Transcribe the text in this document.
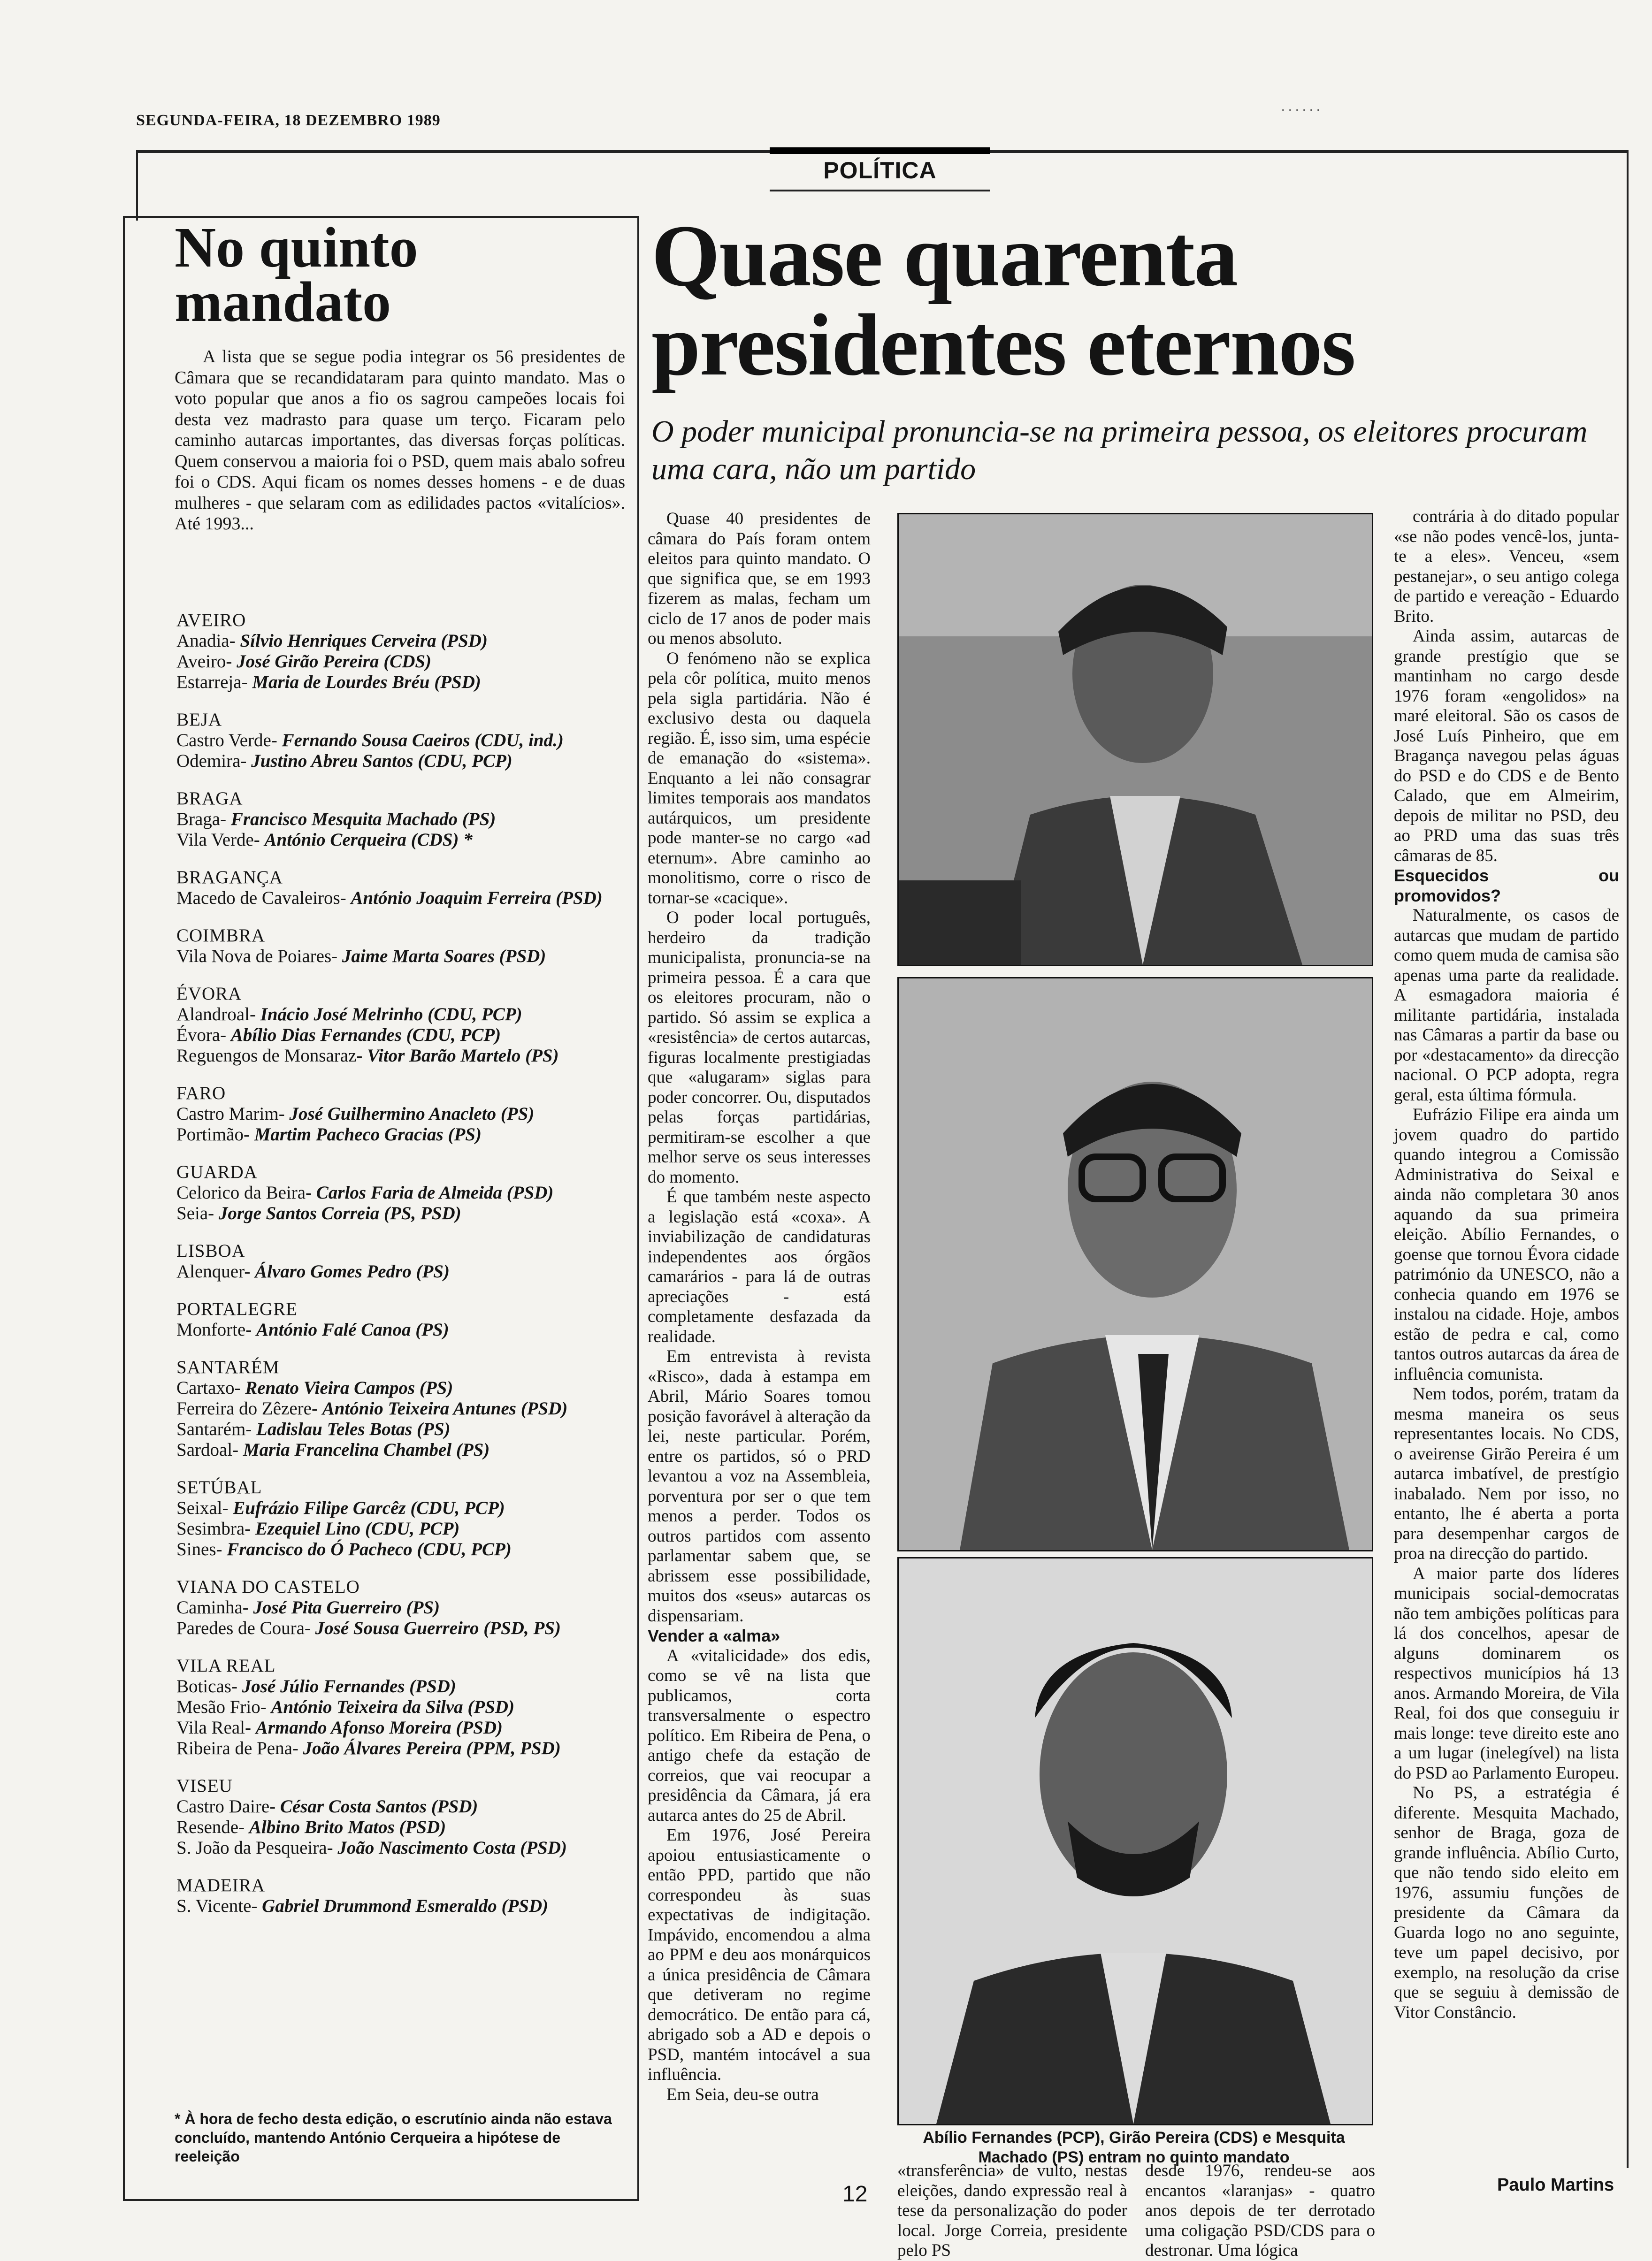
SEGUNDA-FEIRA, 18 DEZEMBRO 1989
. . . . . .
POLÍTICA
No quinto mandato
A lista que se segue podia integrar os 56 presidentes de Câmara que se recandidataram para quinto mandato. Mas o voto popular que anos a fio os sagrou campeões locais foi desta vez madrasto para quase um terço. Ficaram pelo caminho autarcas importantes, das diversas forças políticas. Quem conservou a maioria foi o PSD, quem mais abalo sofreu foi o CDS. Aqui ficam os nomes desses homens - e de duas mulheres - que selaram com as edilidades pactos «vitalícios». Até 1993...
AVEIRO
Anadia- Sílvio Henriques Cerveira (PSD)
Aveiro- José Girão Pereira (CDS)
Estarreja- Maria de Lourdes Bréu (PSD)
BEJA
Castro Verde- Fernando Sousa Caeiros (CDU, ind.)
Odemira- Justino Abreu Santos (CDU, PCP)
BRAGA
Braga- Francisco Mesquita Machado (PS)
Vila Verde- António Cerqueira (CDS) *
BRAGANÇA
Macedo de Cavaleiros- António Joaquim Ferreira (PSD)
COIMBRA
Vila Nova de Poiares- Jaime Marta Soares (PSD)
ÉVORA
Alandroal- Inácio José Melrinho (CDU, PCP)
Évora- Abílio Dias Fernandes (CDU, PCP)
Reguengos de Monsaraz- Vitor Barão Martelo (PS)
FARO
Castro Marim- José Guilhermino Anacleto (PS)
Portimão- Martim Pacheco Gracias (PS)
GUARDA
Celorico da Beira- Carlos Faria de Almeida (PSD)
Seia- Jorge Santos Correia (PS, PSD)
LISBOA
Alenquer- Álvaro Gomes Pedro (PS)
PORTALEGRE
Monforte- António Falé Canoa (PS)
SANTARÉM
Cartaxo- Renato Vieira Campos (PS)
Ferreira do Zêzere- António Teixeira Antunes (PSD)
Santarém- Ladislau Teles Botas (PS)
Sardoal- Maria Francelina Chambel (PS)
SETÚBAL
Seixal- Eufrázio Filipe Garcêz (CDU, PCP)
Sesimbra- Ezequiel Lino (CDU, PCP)
Sines- Francisco do Ó Pacheco (CDU, PCP)
VIANA DO CASTELO
Caminha- José Pita Guerreiro (PS)
Paredes de Coura- José Sousa Guerreiro (PSD, PS)
VILA REAL
Boticas- José Júlio Fernandes (PSD)
Mesão Frio- António Teixeira da Silva (PSD)
Vila Real- Armando Afonso Moreira (PSD)
Ribeira de Pena- João Álvares Pereira (PPM, PSD)
VISEU
Castro Daire- César Costa Santos (PSD)
Resende- Albino Brito Matos (PSD)
S. João da Pesqueira- João Nascimento Costa (PSD)
MADEIRA
S. Vicente- Gabriel Drummond Esmeraldo (PSD)
* À hora de fecho desta edição, o escrutínio ainda não estava concluído, mantendo António Cerqueira a hipótese de reeleição
Quase quarenta presidentes eternos
O poder municipal pronuncia-se na primeira pessoa, os eleitores procuram uma cara, não um partido

Quase 40 presidentes de câmara do País foram ontem eleitos para quinto mandato. O que significa que, se em 1993 fizerem as malas, fecham um ciclo de 17 anos de poder mais ou menos absoluto.

O fenómeno não se explica pela côr política, muito menos pela sigla partidária. Não é exclusivo desta ou daquela região. É, isso sim, uma espécie de emanação do «sistema». Enquanto a lei não consagrar limites temporais aos mandatos autárquicos, um presidente pode manter-se no cargo «ad eternum». Abre caminho ao monolitismo, corre o risco de tornar-se «cacique».

O poder local português, herdeiro da tradição municipalista, pronuncia-se na primeira pessoa. É a cara que os eleitores procuram, não o partido. Só assim se explica a «resistência» de certos autarcas, figuras localmente prestigiadas que «alugaram» siglas para poder concorrer. Ou, disputados pelas forças partidárias, permitiram-se escolher a que melhor serve os seus interesses do momento.

É que também neste aspecto a legislação está «coxa». A inviabilização de candidaturas independentes aos órgãos camarários - para lá de outras apreciações - está completamente desfazada da realidade.

Em entrevista à revista «Risco», dada à estampa em Abril, Mário Soares tomou posição favorável à alteração da lei, neste particular. Porém, entre os partidos, só o PRD levantou a voz na Assembleia, porventura por ser o que tem menos a perder. Todos os outros partidos com assento parlamentar sabem que, se abrissem esse possibilidade, muitos dos «seus» autarcas os dispensariam.

Vender a «alma»

A «vitalicidade» dos edis, como se vê na lista que publicamos, corta transversalmente o espectro político. Em Ribeira de Pena, o antigo chefe da estação de correios, que vai reocupar a presidência da Câmara, já era autarca antes do 25 de Abril.

Em 1976, José Pereira apoiou entusiasticamente o então PPD, partido que não correspondeu às suas expectativas de indigitação. Impávido, encomendou a alma ao PPM e deu aos monárquicos a única presidência de Câmara que detiveram no regime democrático. De então para cá, abrigado sob a AD e depois o PSD, mantém intocável a sua influência.

Em Seia, deu-se outra

Abílio Fernandes (PCP), Girão Pereira (CDS) e Mesquita Machado (PS) entram no quinto mandato

contrária à do ditado popular «se não podes vencê-los, junta-te a eles». Venceu, «sem pestanejar», o seu antigo colega de partido e vereação - Eduardo Brito.

Ainda assim, autarcas de grande prestígio que se mantinham no cargo desde 1976 foram «engolidos» na maré eleitoral. São os casos de José Luís Pinheiro, que em Bragança navegou pelas águas do PSD e do CDS e de Bento Calado, que em Almeirim, depois de militar no PSD, deu ao PRD uma das suas três câmaras de 85.

Esquecidos ou promovidos?

Naturalmente, os casos de autarcas que mudam de partido como quem muda de camisa são apenas uma parte da realidade. A esmagadora maioria é militante partidária, instalada nas Câmaras a partir da base ou por «destacamento» da direcção nacional. O PCP adopta, regra geral, esta última fórmula.

Eufrázio Filipe era ainda um jovem quadro do partido quando integrou a Comissão Administrativa do Seixal e ainda não completara 30 anos aquando da sua primeira eleição. Abílio Fernandes, o goense que tornou Évora cidade património da UNESCO, não a conhecia quando em 1976 se instalou na cidade. Hoje, ambos estão de pedra e cal, como tantos outros autarcas da área de influência comunista.

Nem todos, porém, tratam da mesma maneira os seus representantes locais. No CDS, o aveirense Girão Pereira é um autarca imbatível, de prestígio inabalado. Nem por isso, no entanto, lhe é aberta a porta para desempenhar cargos de proa na direcção do partido.

A maior parte dos líderes municipais social-democratas não tem ambições políticas para lá dos concelhos, apesar de alguns dominarem os respectivos municípios há 13 anos. Armando Moreira, de Vila Real, foi dos que conseguiu ir mais longe: teve direito este ano a um lugar (inelegível) na lista do PSD ao Parlamento Europeu.

No PS, a estratégia é diferente. Mesquita Machado, senhor de Braga, goza de grande influência. Abílio Curto, que não tendo sido eleito em 1976, assumiu funções de presidente da Câmara da Guarda logo no ano seguinte, teve um papel decisivo, por exemplo, na resolução da crise que se seguiu à demissão de Vitor Constâncio.

«transferência» de vulto, nestas eleições, dando expressão real à tese da personalização do poder local. Jorge Correia, presidente pelo PS
desde 1976, rendeu-se aos encantos «laranjas» - quatro anos depois de ter derrotado uma coligação PSD/CDS para o destronar. Uma lógica
Paulo Martins
12
